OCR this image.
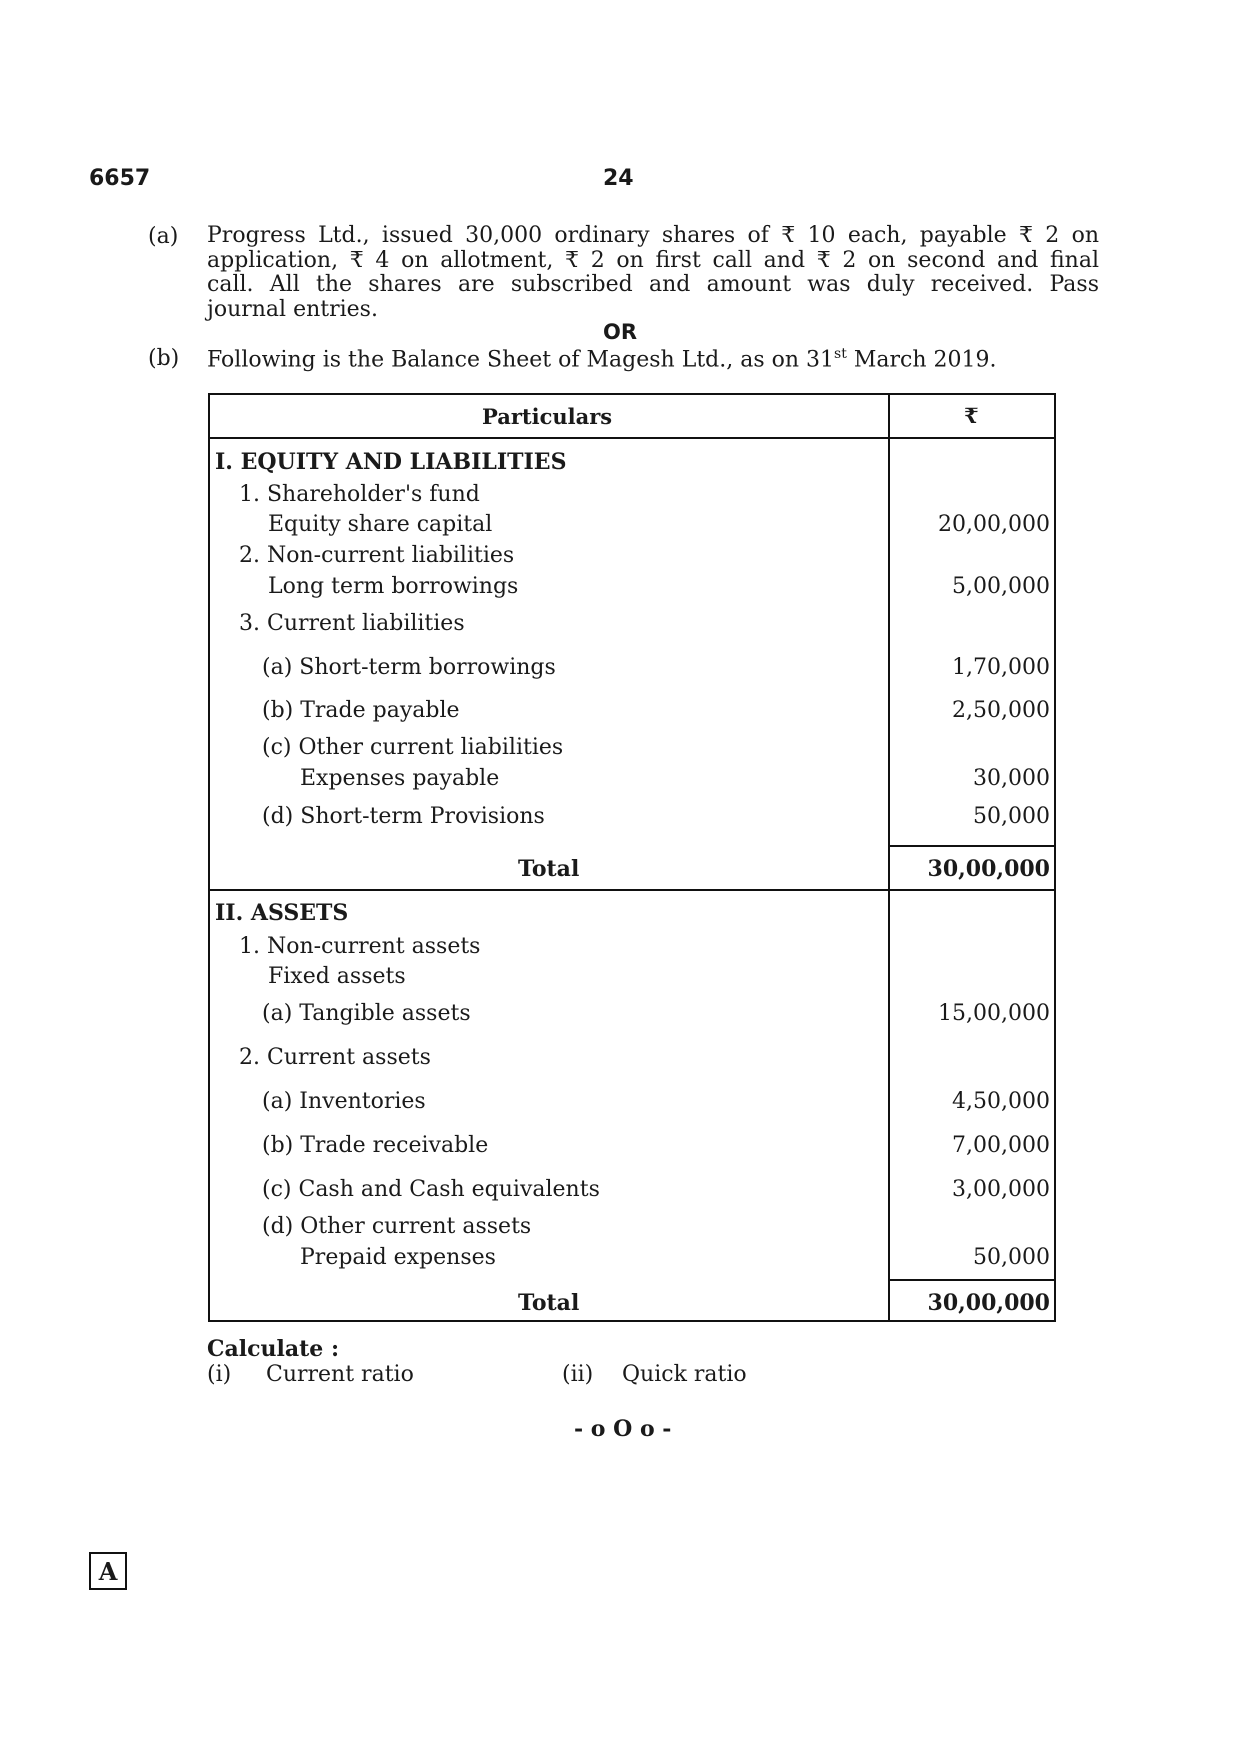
6657	24
(a) Progress Ltd., issued 30,000 ordinary shares of ₹ 10 each, payable ₹ 2 on
application, ₹ 4 on allotment, ₹ 2 on first call and ₹ 2 on second and final
call. All the shares are subscribed and amount was duly received. Pass
journal entries.
OR
(b) Following is the Balance Sheet of Magesh Ltd., as on 31st March 2019.
Particulars	₹
I. EQUITY AND LIABILITIES
1. Shareholder's fund
Equity share capital	20,00,000
2. Non-current liabilities
Long term borrowings	5,00,000
3. Current liabilities
(a) Short-term borrowings	1,70,000
(b) Trade payable	2,50,000
(c) Other current liabilities
Expenses payable	30,000
(d) Short-term Provisions	50,000
Total	30,00,000
II. ASSETS
1. Non-current assets
Fixed assets
(a) Tangible assets	15,00,000
2. Current assets
(a) Inventories	4,50,000
(b) Trade receivable	7,00,000
(c) Cash and Cash equivalents	3,00,000
(d) Other current assets
Prepaid expenses	50,000
Total	30,00,000
Calculate :
(i) Current ratio	(ii) Quick ratio
- o O o -
A
